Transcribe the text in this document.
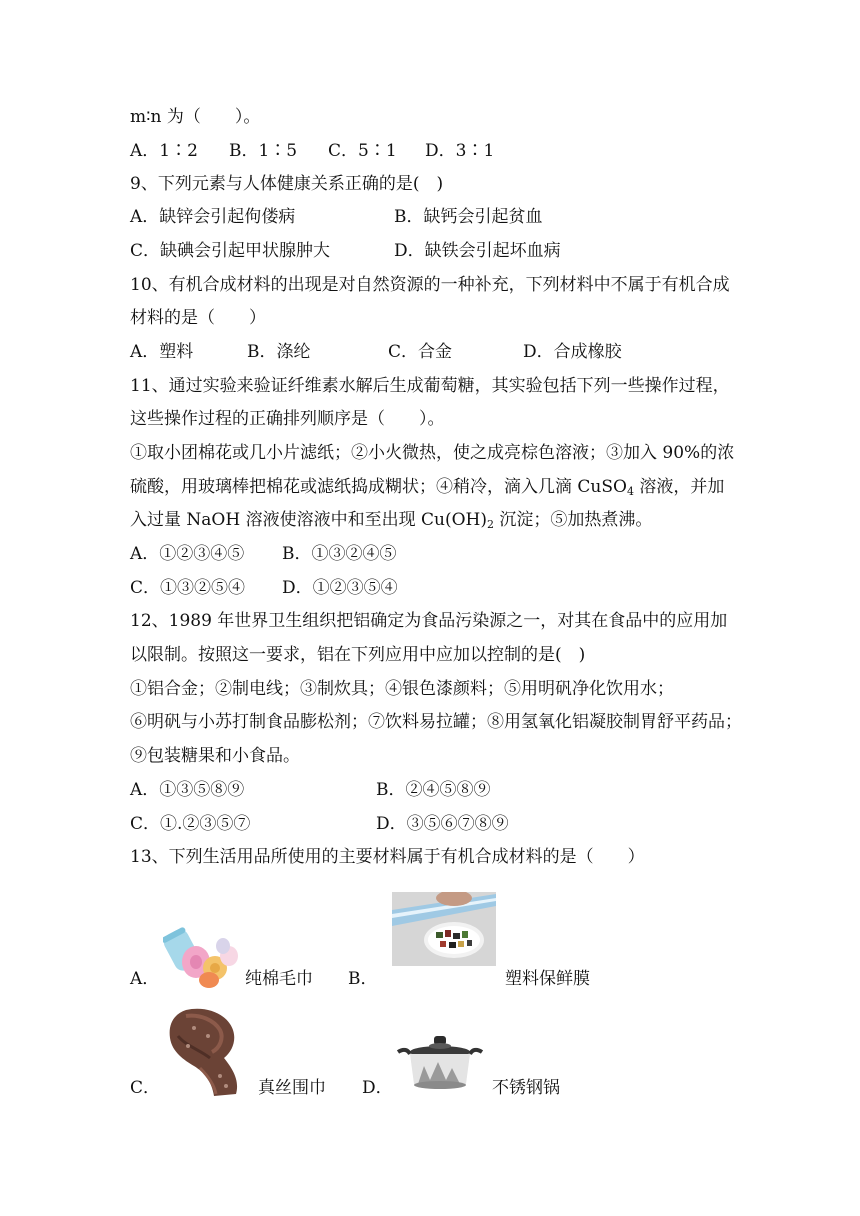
m∶n 为（　　）。
A．1∶2 B．1∶5 C．5∶1 D．3∶1
9、下列元素与人体健康关系正确的是(　)
A．缺锌会引起佝偻病	B．缺钙会引起贫血
C．缺碘会引起甲状腺肿大	D．缺铁会引起坏血病
10、有机合成材料的出现是对自然资源的一种补充，下列材料中不属于有机合成
材料的是（　　）
A．塑料	B．涤纶	C．合金	D．合成橡胶
11、通过实验来验证纤维素水解后生成葡萄糖，其实验包括下列一些操作过程，
这些操作过程的正确排列顺序是（　　）。
①取小团棉花或几小片滤纸；②小火微热，使之成亮棕色溶液；③加入 90%的浓
硫酸，用玻璃棒把棉花或滤纸捣成糊状；④稍冷，滴入几滴 CuSO$_4$ 溶液，并加
入过量 NaOH 溶液使溶液中和至出现 $Cu(OH)_2$ 沉淀；⑤加热煮沸。
A．①②③④⑤ B．①③②④⑤
C．①③②⑤④ D．①②③⑤④
12、1989 年世界卫生组织把铝确定为食品污染源之一，对其在食品中的应用加
以限制。按照这一要求，铝在下列应用中应加以控制的是(　)
①铝合金；②制电线；③制炊具；④银色漆颜料；⑤用明矾净化饮用水；
⑥明矾与小苏打制食品膨松剂；⑦饮料易拉罐；⑧用氢氧化铝凝胶制胃舒平药品；
⑨包装糖果和小食品。
A．①③⑤⑧⑨	B．②④⑤⑧⑨
C．①.②③⑤⑦	D．③⑤⑥⑦⑧⑨
13、下列生活用品所使用的主要材料属于有机合成材料的是（　　）
A．	纯棉毛巾 B．	塑料保鲜膜
C．	真丝围巾 D．	不锈钢锅
